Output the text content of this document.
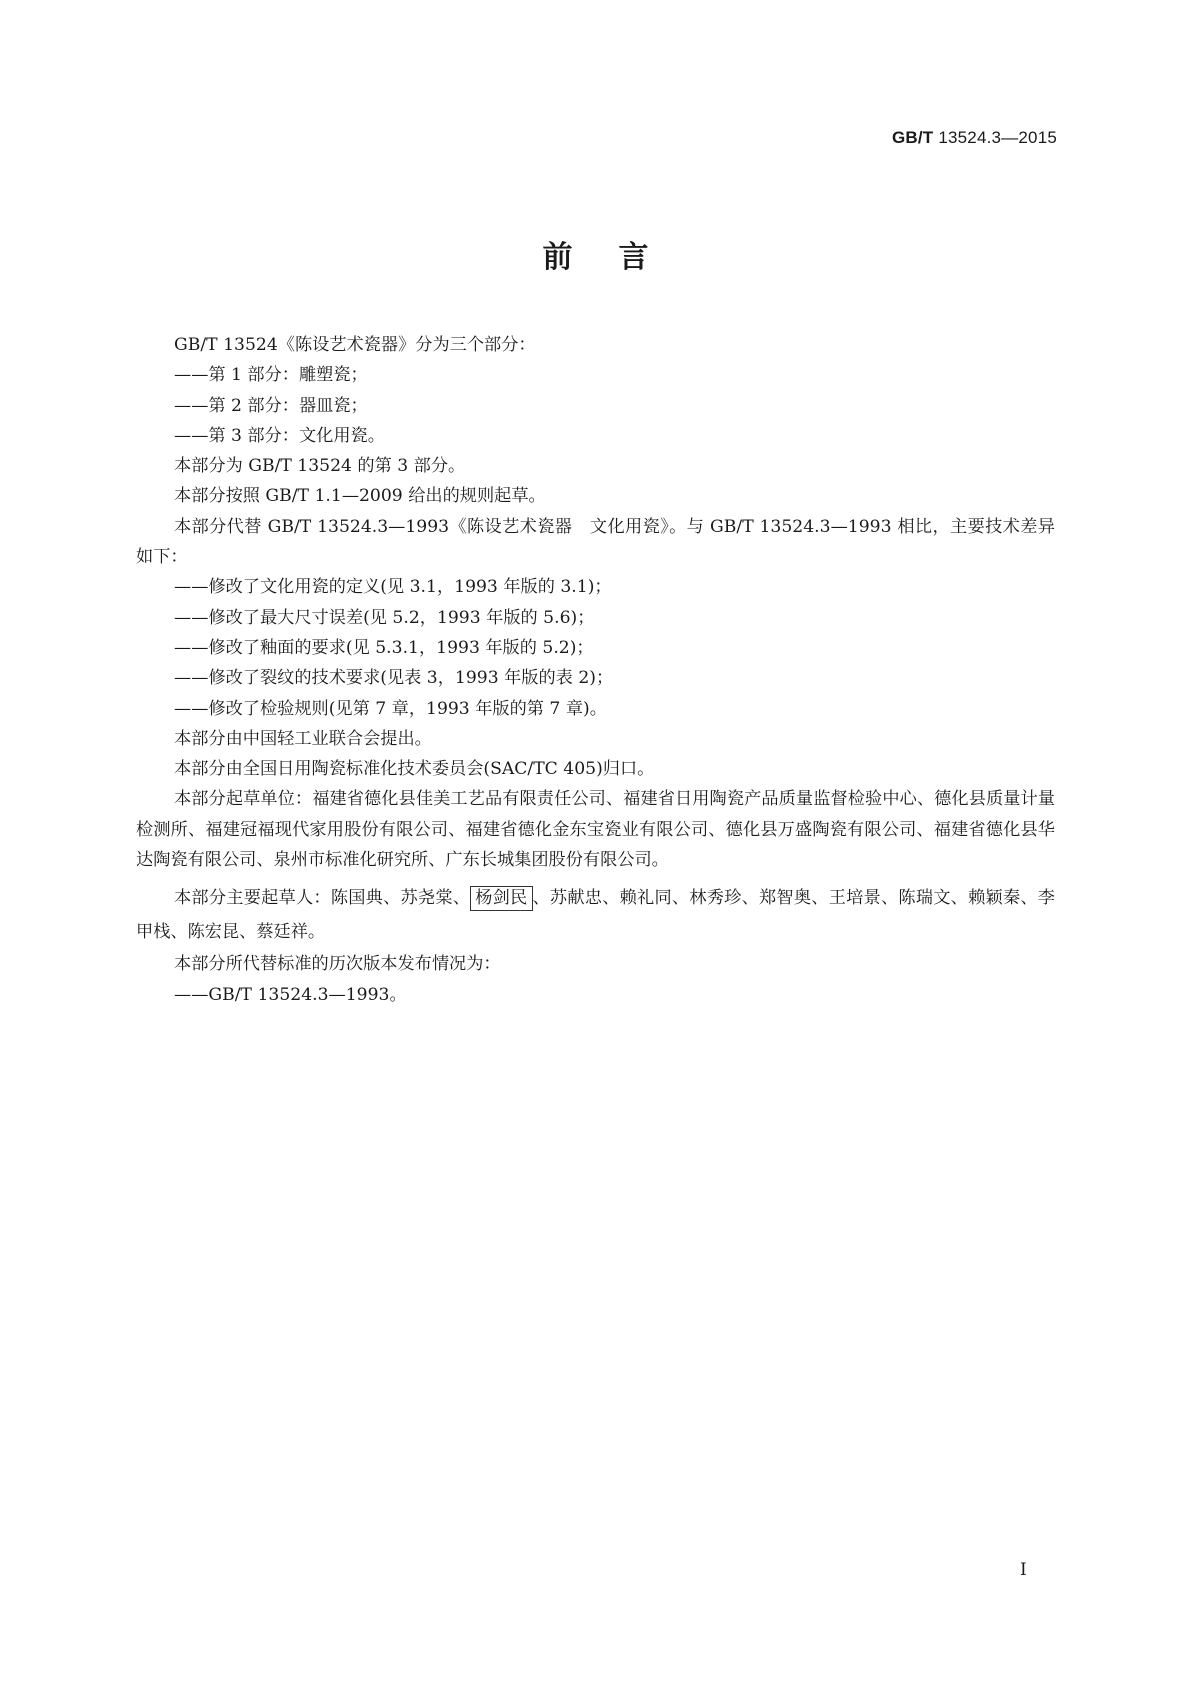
GB/T 13524.3—2015
前言

GB/T 13524《陈设艺术瓷器》分为三个部分：

——第 1 部分：雕塑瓷；

——第 2 部分：器皿瓷；

——第 3 部分：文化用瓷。

本部分为 GB/T 13524 的第 3 部分。

本部分按照 GB/T 1.1—2009 给出的规则起草。

本部分代替 GB/T 13524.3—1993《陈设艺术瓷器　文化用瓷》。与 GB/T 13524.3—1993 相比，主要技术差异如下：

——修改了文化用瓷的定义(见 3.1，1993 年版的 3.1)；

——修改了最大尺寸误差(见 5.2，1993 年版的 5.6)；

——修改了釉面的要求(见 5.3.1，1993 年版的 5.2)；

——修改了裂纹的技术要求(见表 3，1993 年版的表 2)；

——修改了检验规则(见第 7 章，1993 年版的第 7 章)。

本部分由中国轻工业联合会提出。

本部分由全国日用陶瓷标准化技术委员会(SAC/TC 405)归口。

本部分起草单位：福建省德化县佳美工艺品有限责任公司、福建省日用陶瓷产品质量监督检验中心、德化县质量计量检测所、福建冠福现代家用股份有限公司、福建省德化金东宝瓷业有限公司、德化县万盛陶瓷有限公司、福建省德化县华达陶瓷有限公司、泉州市标准化研究所、广东长城集团股份有限公司。

本部分主要起草人：陈国典、苏尧棠、 杨剑民 、苏献忠、赖礼同、林秀珍、郑智奥、王培景、陈瑞文、赖颖秦、李甲栈、陈宏昆、蔡廷祥。

本部分所代替标准的历次版本发布情况为：

——GB/T 13524.3—1993。

I
